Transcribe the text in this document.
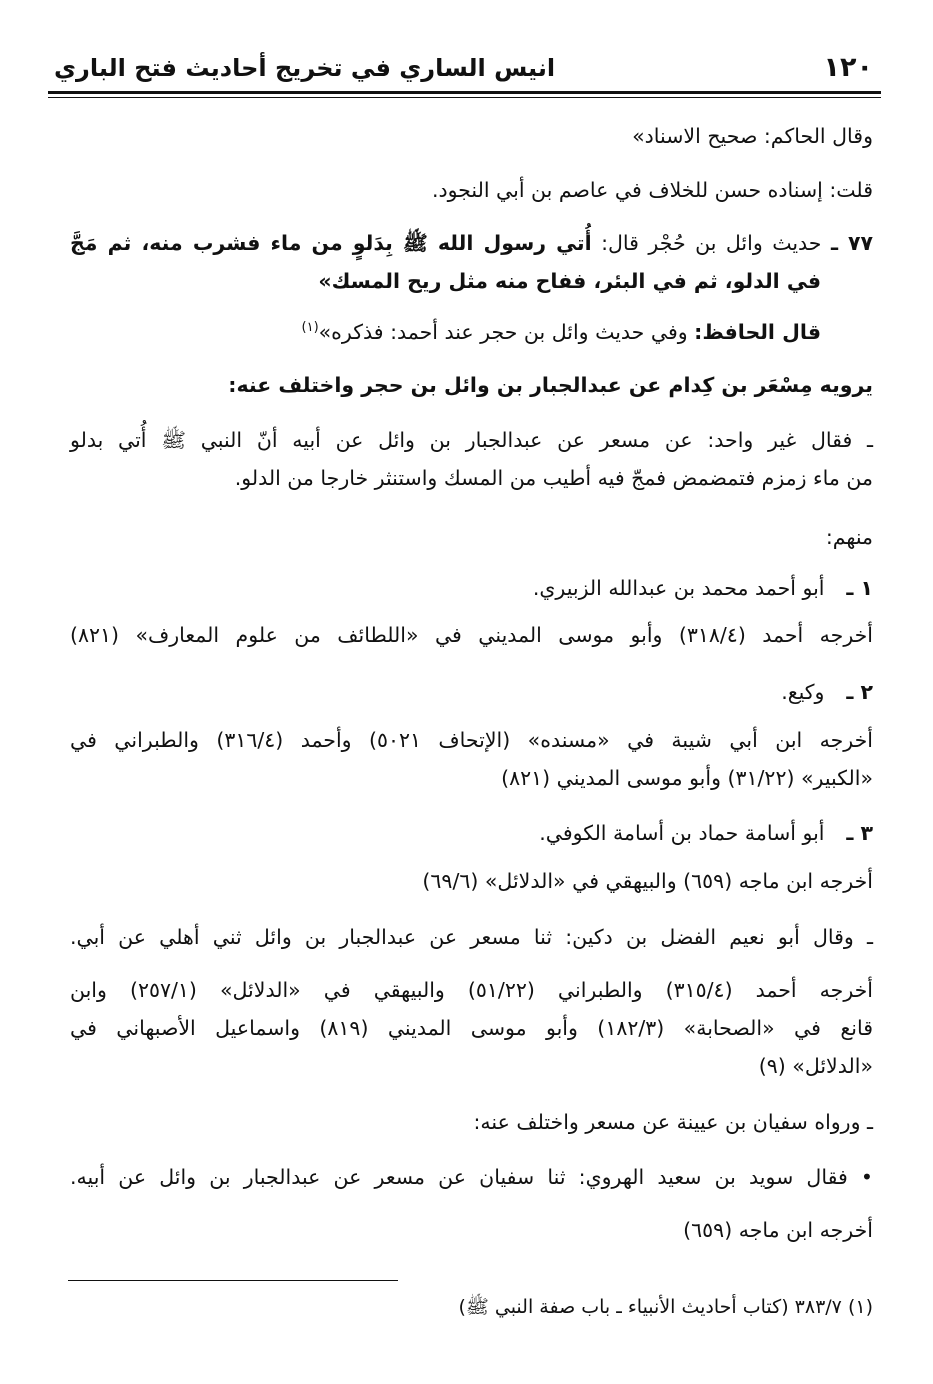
١٢٠
انيس الساري في تخريج أحاديث فتح الباري
وقال الحاكم: صحيح الاسناد»
قلت: إسناده حسن للخلاف في عاصم بن أبي النجود.
٧٧ ـ حديث وائل بن حُجْر قال: أُتي رسول الله ﷺ بِدَلوٍ من ماء فشرب منه، ثم مَجَّ
في الدلو، ثم في البئر، ففاح منه مثل ريح المسك»
قال الحافظ: وفي حديث وائل بن حجر عند أحمد: فذكره»$^{(١)}$
يرويه مِسْعَر بن كِدام عن عبدالجبار بن وائل بن حجر واختلف عنه:
ـ فقال غير واحد: عن مسعر عن عبدالجبار بن وائل عن أبيه أنّ النبي ﷺ أُتي بدلو
من ماء زمزم فتمضمض فمجّ فيه أطيب من المسك واستنثر خارجا من الدلو.
منهم:
١ ـ أبو أحمد محمد بن عبدالله الزبيري.
أخرجه أحمد (٣١٨/٤) وأبو موسى المديني في «اللطائف من علوم المعارف» (٨٢١)
٢ ـ وكيع.
أخرجه ابن أبي شيبة في «مسنده» (الإتحاف ٥٠٢١) وأحمد (٣١٦/٤) والطبراني في
«الكبير» (٣١/٢٢) وأبو موسى المديني (٨٢١)
٣ ـ أبو أسامة حماد بن أسامة الكوفي.
أخرجه ابن ماجه (٦٥٩) والبيهقي في «الدلائل» (٦٩/٦)
ـ وقال أبو نعيم الفضل بن دكين: ثنا مسعر عن عبدالجبار بن وائل ثني أهلي عن أبي.
أخرجه أحمد (٣١٥/٤) والطبراني (٥١/٢٢) والبيهقي في «الدلائل» (٢٥٧/١) وابن
قانع في «الصحابة» (١٨٢/٣) وأبو موسى المديني (٨١٩) واسماعيل الأصبهاني في
«الدلائل» (٩)
ـ ورواه سفيان بن عيينة عن مسعر واختلف عنه:
• فقال سويد بن سعيد الهروي: ثنا سفيان عن مسعر عن عبدالجبار بن وائل عن أبيه.
أخرجه ابن ماجه (٦٥٩)
(١) ٣٨٣/٧ (كتاب أحاديث الأنبياء ـ باب صفة النبي ﷺ)
